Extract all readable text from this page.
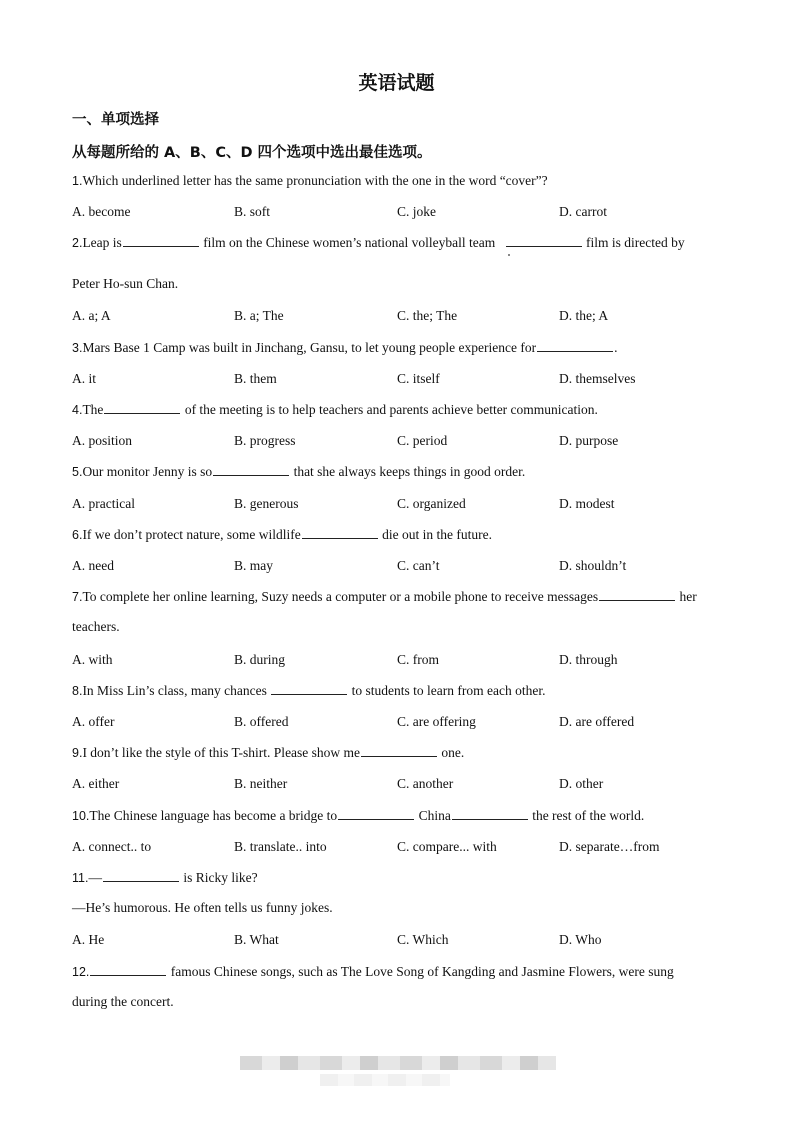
英语试题
一、单项选择
从每题所给的 A、B、C、D 四个选项中选出最佳选项。
1.Which underlined letter has the same pronunciation with the one in the word “cover”?
A. become	B. soft	C. joke	D. carrot
2.Leap is	film on the Chinese women’s national volleyball team	film is directed by
Peter Ho-sun Chan.
A. a; A	B. a; The	C. the; The	D. the; A
3.Mars Base 1 Camp was built in Jinchang, Gansu, to let young people experience for	.
A. it	B. them	C. itself	D. themselves
4.The	of the meeting is to help teachers and parents achieve better communication.
A. position	B. progress	C. period	D. purpose
5.Our monitor Jenny is so	that she always keeps things in good order.
A. practical	B. generous	C. organized	D. modest
6.If we don’t protect nature, some wildlife	die out in the future.
A. need	B. may	C. can’t	D. shouldn’t
7.To complete her online learning, Suzy needs a computer or a mobile phone to receive messages	her
teachers.
A. with	B. during	C. from	D. through
8.In Miss Lin’s class, many chances	to students to learn from each other.
A. offer	B. offered	C. are offering	D. are offered
9.I don’t like the style of this T-shirt. Please show me	one.
A. either	B. neither	C. another	D. other
10.The Chinese language has become a bridge to	China	the rest of the world.
A. connect.. to	B. translate.. into	C. compare... with	D. separate…from
11.—	is Ricky like?
—He’s humorous. He often tells us funny jokes.
A. He	B. What	C. Which	D. Who
12.	famous Chinese songs, such as The Love Song of Kangding and Jasmine Flowers, were sung
during the concert.
